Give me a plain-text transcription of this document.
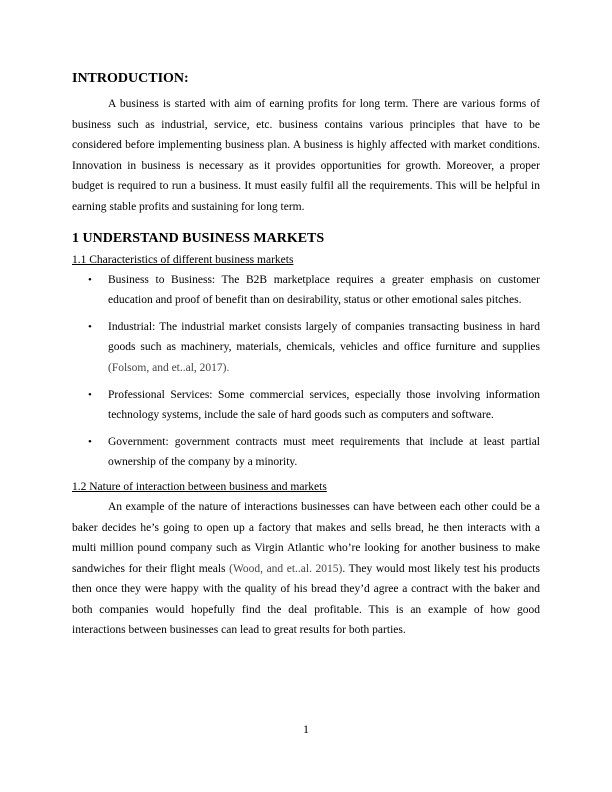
INTRODUCTION:

A business is started with aim of earning profits for long term. There are various forms of business such as industrial, service, etc. business contains various principles that have to be considered before implementing business plan. A business is highly affected with market conditions. Innovation in business is necessary as it provides opportunities for growth. Moreover, a proper budget is required to run a business. It must easily fulfil all the requirements. This will be helpful in earning stable profits and sustaining for long term.

1 UNDERSTAND BUSINESS MARKETS
1.1 Characteristics of different business markets
• Business to Business: The B2B marketplace requires a greater emphasis on customer education and proof of benefit than on desirability, status or other emotional sales pitches.
• Industrial: The industrial market consists largely of companies transacting business in hard goods such as machinery, materials, chemicals, vehicles and office furniture and supplies (Folsom, and et..al, 2017).
• Professional Services: Some commercial services, especially those involving information technology systems, include the sale of hard goods such as computers and software.
• Government: government contracts must meet requirements that include at least partial ownership of the company by a minority.
1.2 Nature of interaction between business and markets

An example of the nature of interactions businesses can have between each other could be a baker decides he’s going to open up a factory that makes and sells bread, he then interacts with a multi million pound company such as Virgin Atlantic who’re looking for another business to make sandwiches for their flight meals (Wood, and et..al. 2015). They would most likely test his products then once they were happy with the quality of his bread they’d agree a contract with the baker and both companies would hopefully find the deal profitable. This is an example of how good interactions between businesses can lead to great results for both parties.

1
